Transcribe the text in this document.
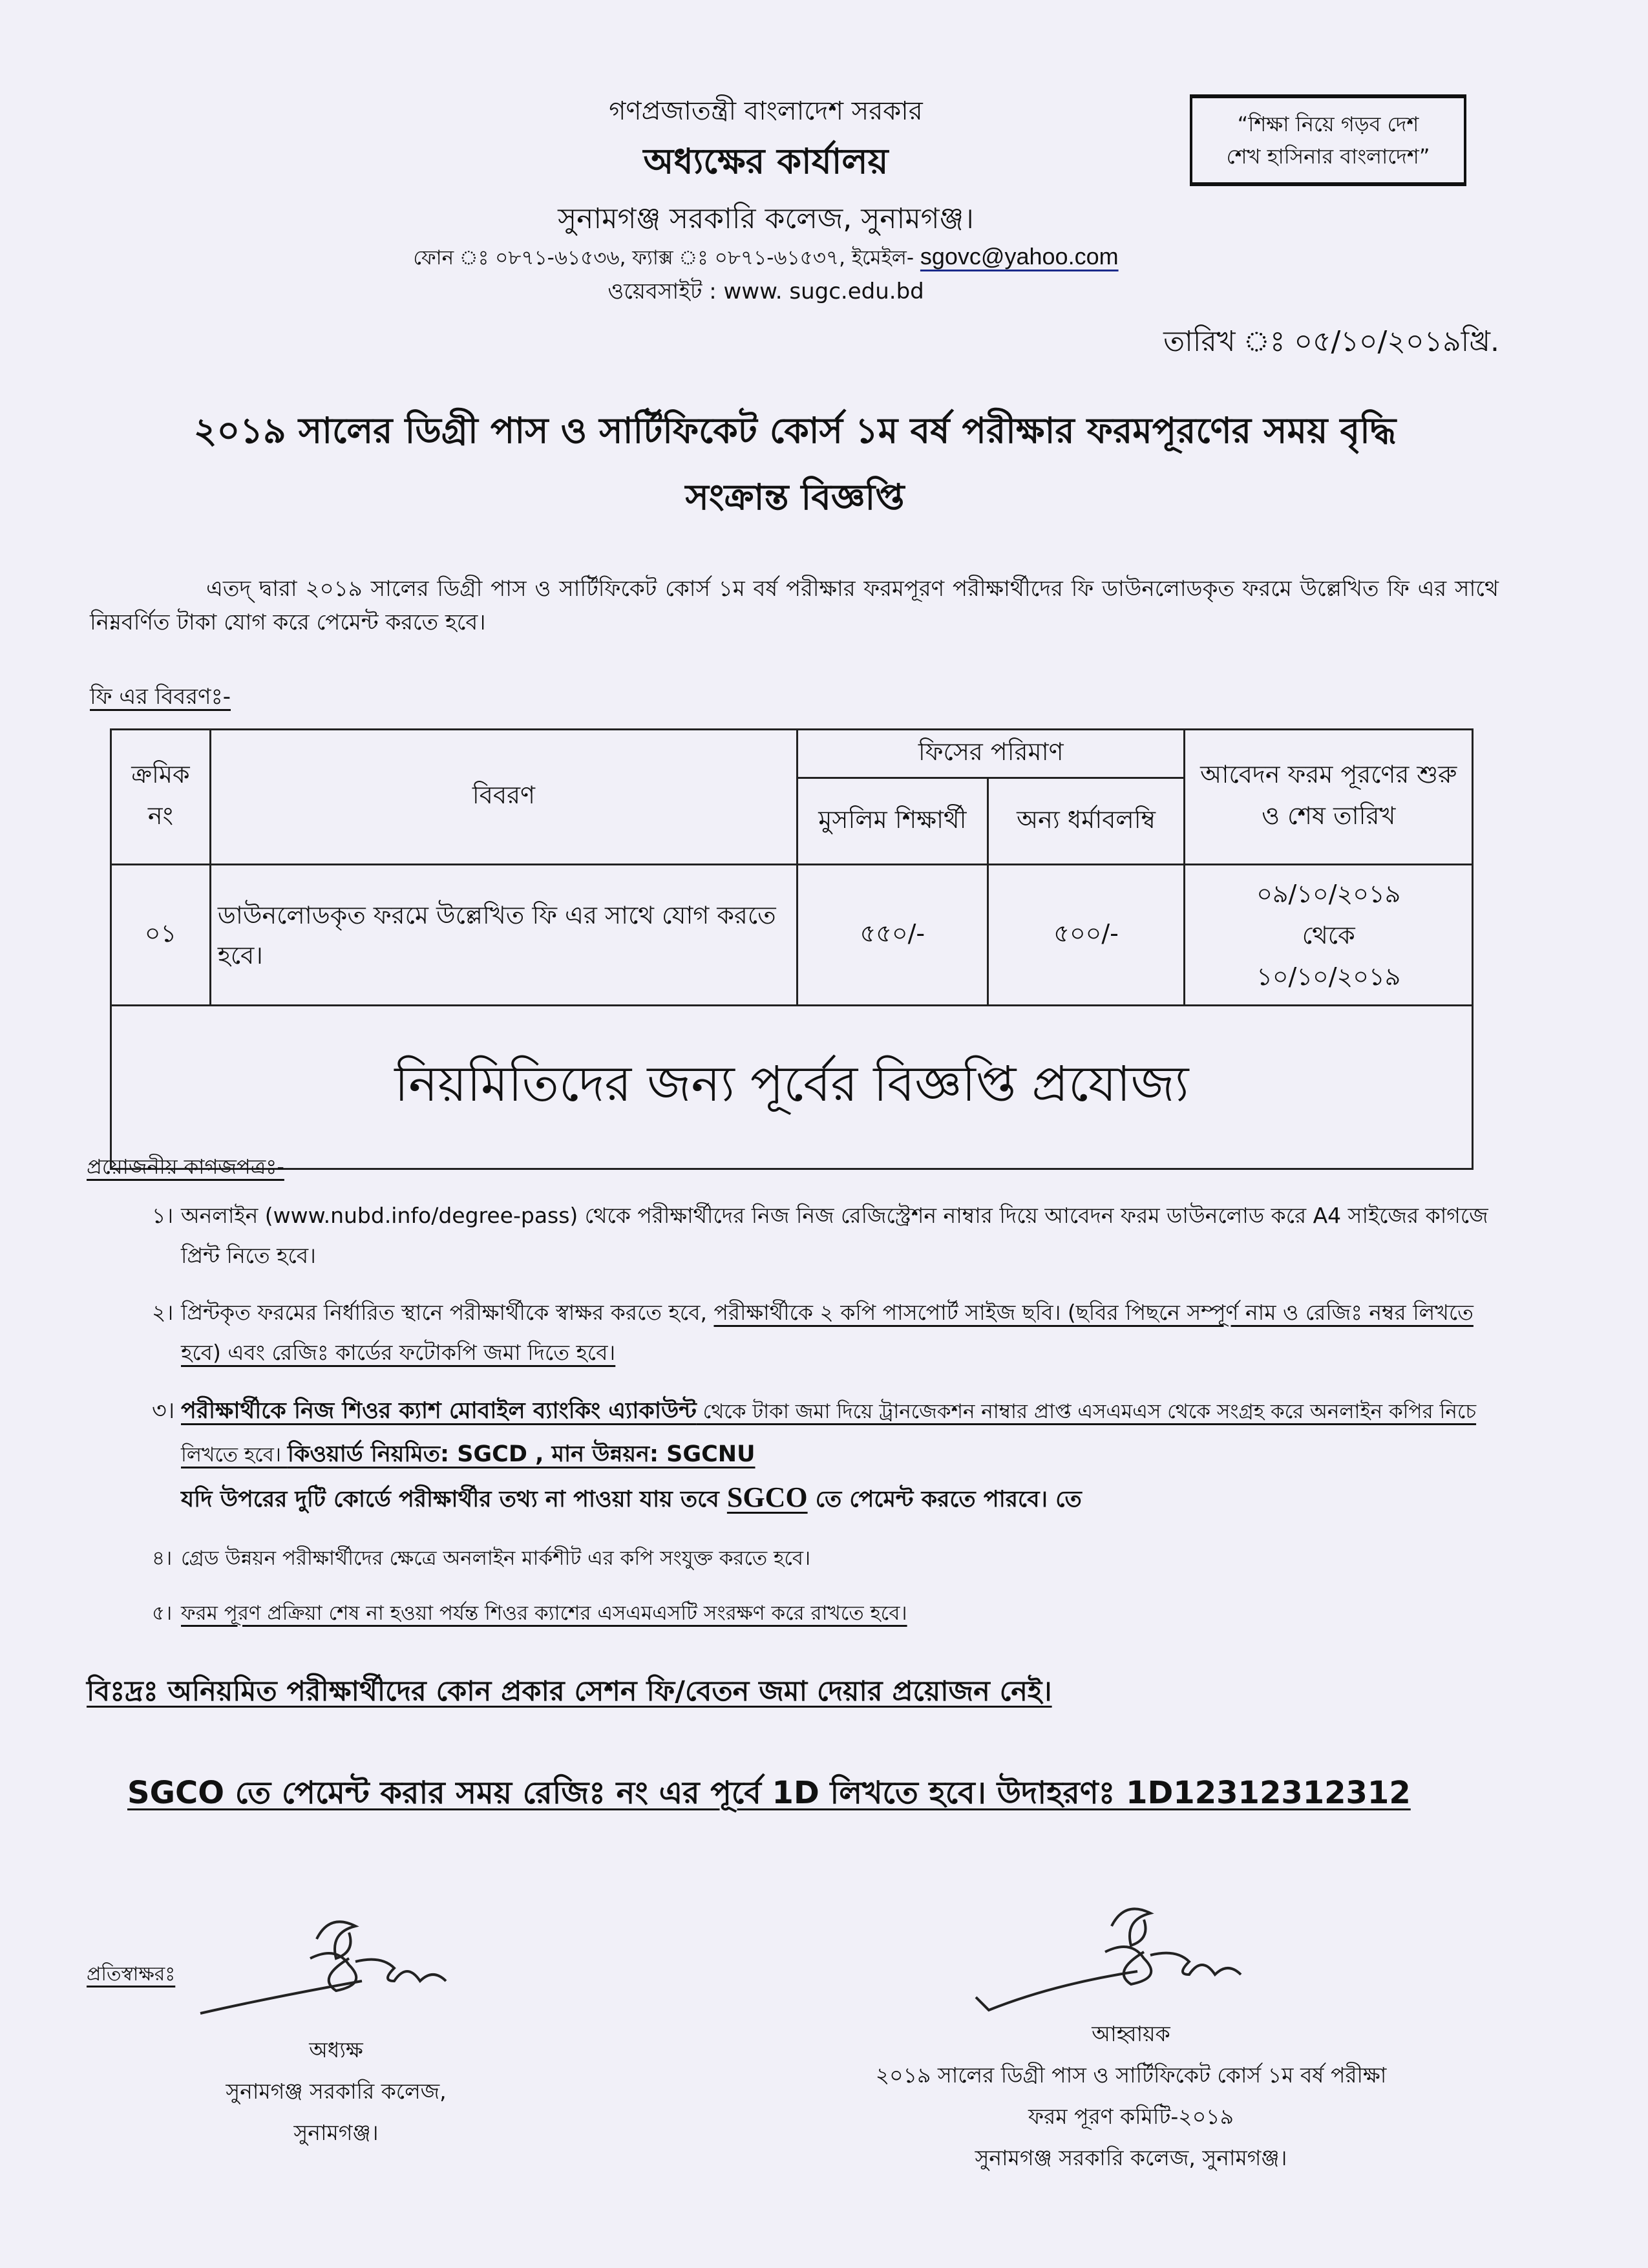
গণপ্রজাতন্ত্রী বাংলাদেশ সরকার
অধ্যক্ষের কার্যালয়
সুনামগঞ্জ সরকারি কলেজ, সুনামগঞ্জ।
ফোন ঃ ০৮৭১-৬১৫৩৬, ফ্যাক্স ঃ ০৮৭১-৬১৫৩৭, ইমেইল- sgovc@yahoo.com
ওয়েবসাইট : www. sugc.edu.bd
“শিক্ষা নিয়ে গড়ব দেশ
শেখ হাসিনার বাংলাদেশ”
তারিখ ঃ ০৫/১০/২০১৯খ্রি.
২০১৯ সালের ডিগ্রী পাস ও সার্টিফিকেট কোর্স ১ম বর্ষ পরীক্ষার ফরমপূরণের সময় বৃদ্ধি
সংক্রান্ত বিজ্ঞপ্তি
এতদ্ দ্বারা ২০১৯ সালের ডিগ্রী পাস ও সার্টিফিকেট কোর্স ১ম বর্ষ পরীক্ষার ফরমপূরণ পরীক্ষার্থীদের ফি ডাউনলোডকৃত ফরমে উল্লেখিত ফি এর সাথে নিম্নবর্ণিত টাকা যোগ করে পেমেন্ট করতে হবে।
ফি এর বিবরণঃ-
ক্রমিক নং	বিবরণ	ফিসের পরিমাণ		আবেদন ফরম পূরণের শুরু ও শেষ তারিখ
		মুসলিম শিক্ষার্থী	অন্য ধর্মাবলম্বি	
০১	ডাউনলোডকৃত ফরমে উল্লেখিত ফি এর সাথে যোগ করতে হবে।	৫৫০/-	৫০০/-	০৯/১০/২০১৯
থেকে
১০/১০/২০১৯

নিয়মিতিদের জন্য পূর্বের বিজ্ঞপ্তি প্রযোজ্য				
প্রয়োজনীয় কাগজপত্রঃ-
১। অনলাইন (www.nubd.info/degree-pass) থেকে পরীক্ষার্থীদের নিজ নিজ রেজিস্ট্রেশন নাম্বার দিয়ে আবেদন ফরম ডাউনলোড করে A4 সাইজের কাগজে প্রিন্ট নিতে হবে।
২। প্রিন্টকৃত ফরমের নির্ধারিত স্থানে পরীক্ষার্থীকে স্বাক্ষর করতে হবে, পরীক্ষার্থীকে ২ কপি পাসপোর্ট সাইজ ছবি। (ছবির পিছনে সম্পূর্ণ নাম ও রেজিঃ নম্বর লিখতে হবে) এবং রেজিঃ কার্ডের ফটোকপি জমা দিতে হবে।
৩। পরীক্ষার্থীকে নিজ শিওর ক্যাশ মোবাইল ব্যাংকিং এ্যাকাউন্ট থেকে টাকা জমা দিয়ে ট্রানজেকশন নাম্বার প্রাপ্ত এসএমএস থেকে সংগ্রহ করে অনলাইন কপির নিচে লিখতে হবে। কিওয়ার্ড নিয়মিত: SGCD , মান উন্নয়ন: SGCNU
যদি উপরের দুটি কোর্ডে পরীক্ষার্থীর তথ্য না পাওয়া যায় তবে SGCO তে পেমেন্ট করতে পারবে। তে
৪। গ্রেড উন্নয়ন পরীক্ষার্থীদের ক্ষেত্রে অনলাইন মার্কশীট এর কপি সংযুক্ত করতে হবে।
৫। ফরম পূরণ প্রক্রিয়া শেষ না হওয়া পর্যন্ত শিওর ক্যাশের এসএমএসটি সংরক্ষণ করে রাখতে হবে।
বিঃদ্রঃ অনিয়মিত পরীক্ষার্থীদের কোন প্রকার সেশন ফি/বেতন জমা দেয়ার প্রয়োজন নেই।
SGCO তে পেমেন্ট করার সময় রেজিঃ নং এর পূর্বে 1D লিখতে হবে। উদাহরণঃ 1D12312312312
প্রতিস্বাক্ষরঃ
অধ্যক্ষ
সুনামগঞ্জ সরকারি কলেজ,
সুনামগঞ্জ।
আহ্বায়ক
২০১৯ সালের ডিগ্রী পাস ও সার্টিফিকেট কোর্স ১ম বর্ষ পরীক্ষা
ফরম পূরণ কমিটি-২০১৯
সুনামগঞ্জ সরকারি কলেজ, সুনামগঞ্জ।
